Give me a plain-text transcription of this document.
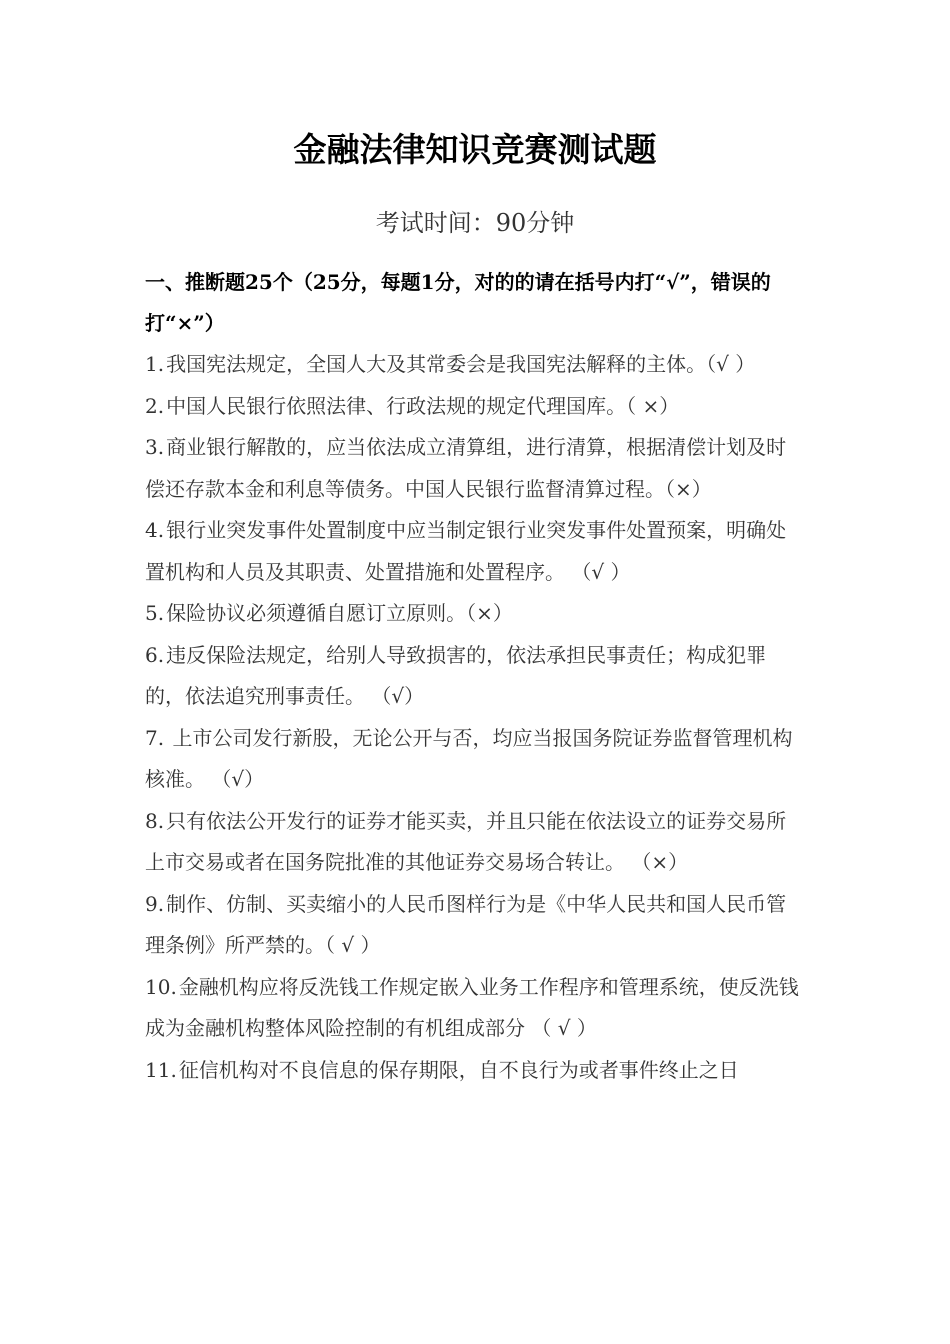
金融法律知识竞赛测试题
考试时间：90分钟

一、推断题25个（25分，每题1分，对的的请在括号内打“√”，错误的打“×”）

1. 我国宪法规定，全国人大及其常委会是我国宪法解释的主体。（√ ）

2. 中国人民银行依照法律、行政法规的规定代理国库。（ ×）

3. 商业银行解散的，应当依法成立清算组，进行清算，根据清偿计划及时偿还存款本金和利息等债务。中国人民银行监督清算过程。（×）

4. 银行业突发事件处置制度中应当制定银行业突发事件处置预案，明确处置机构和人员及其职责、处置措施和处置程序。 （√ ）

5. 保险协议必须遵循自愿订立原则。（×）

6. 违反保险法规定，给别人导致损害的，依法承担民事责任；构成犯罪的，依法追究刑事责任。 （√）

7. 上市公司发行新股，无论公开与否，均应当报国务院证券监督管理机构核准。 （√）

8. 只有依法公开发行的证券才能买卖，并且只能在依法设立的证券交易所上市交易或者在国务院批准的其他证券交易场合转让。 （×）

9. 制作、仿制、买卖缩小的人民币图样行为是《中华人民共和国人民币管理条例》所严禁的。（ √ ）

10. 金融机构应将反洗钱工作规定嵌入业务工作程序和管理系统，使反洗钱成为金融机构整体风险控制的有机组成部分 （ √ ）

11. 征信机构对不良信息的保存期限，自不良行为或者事件终止之日
